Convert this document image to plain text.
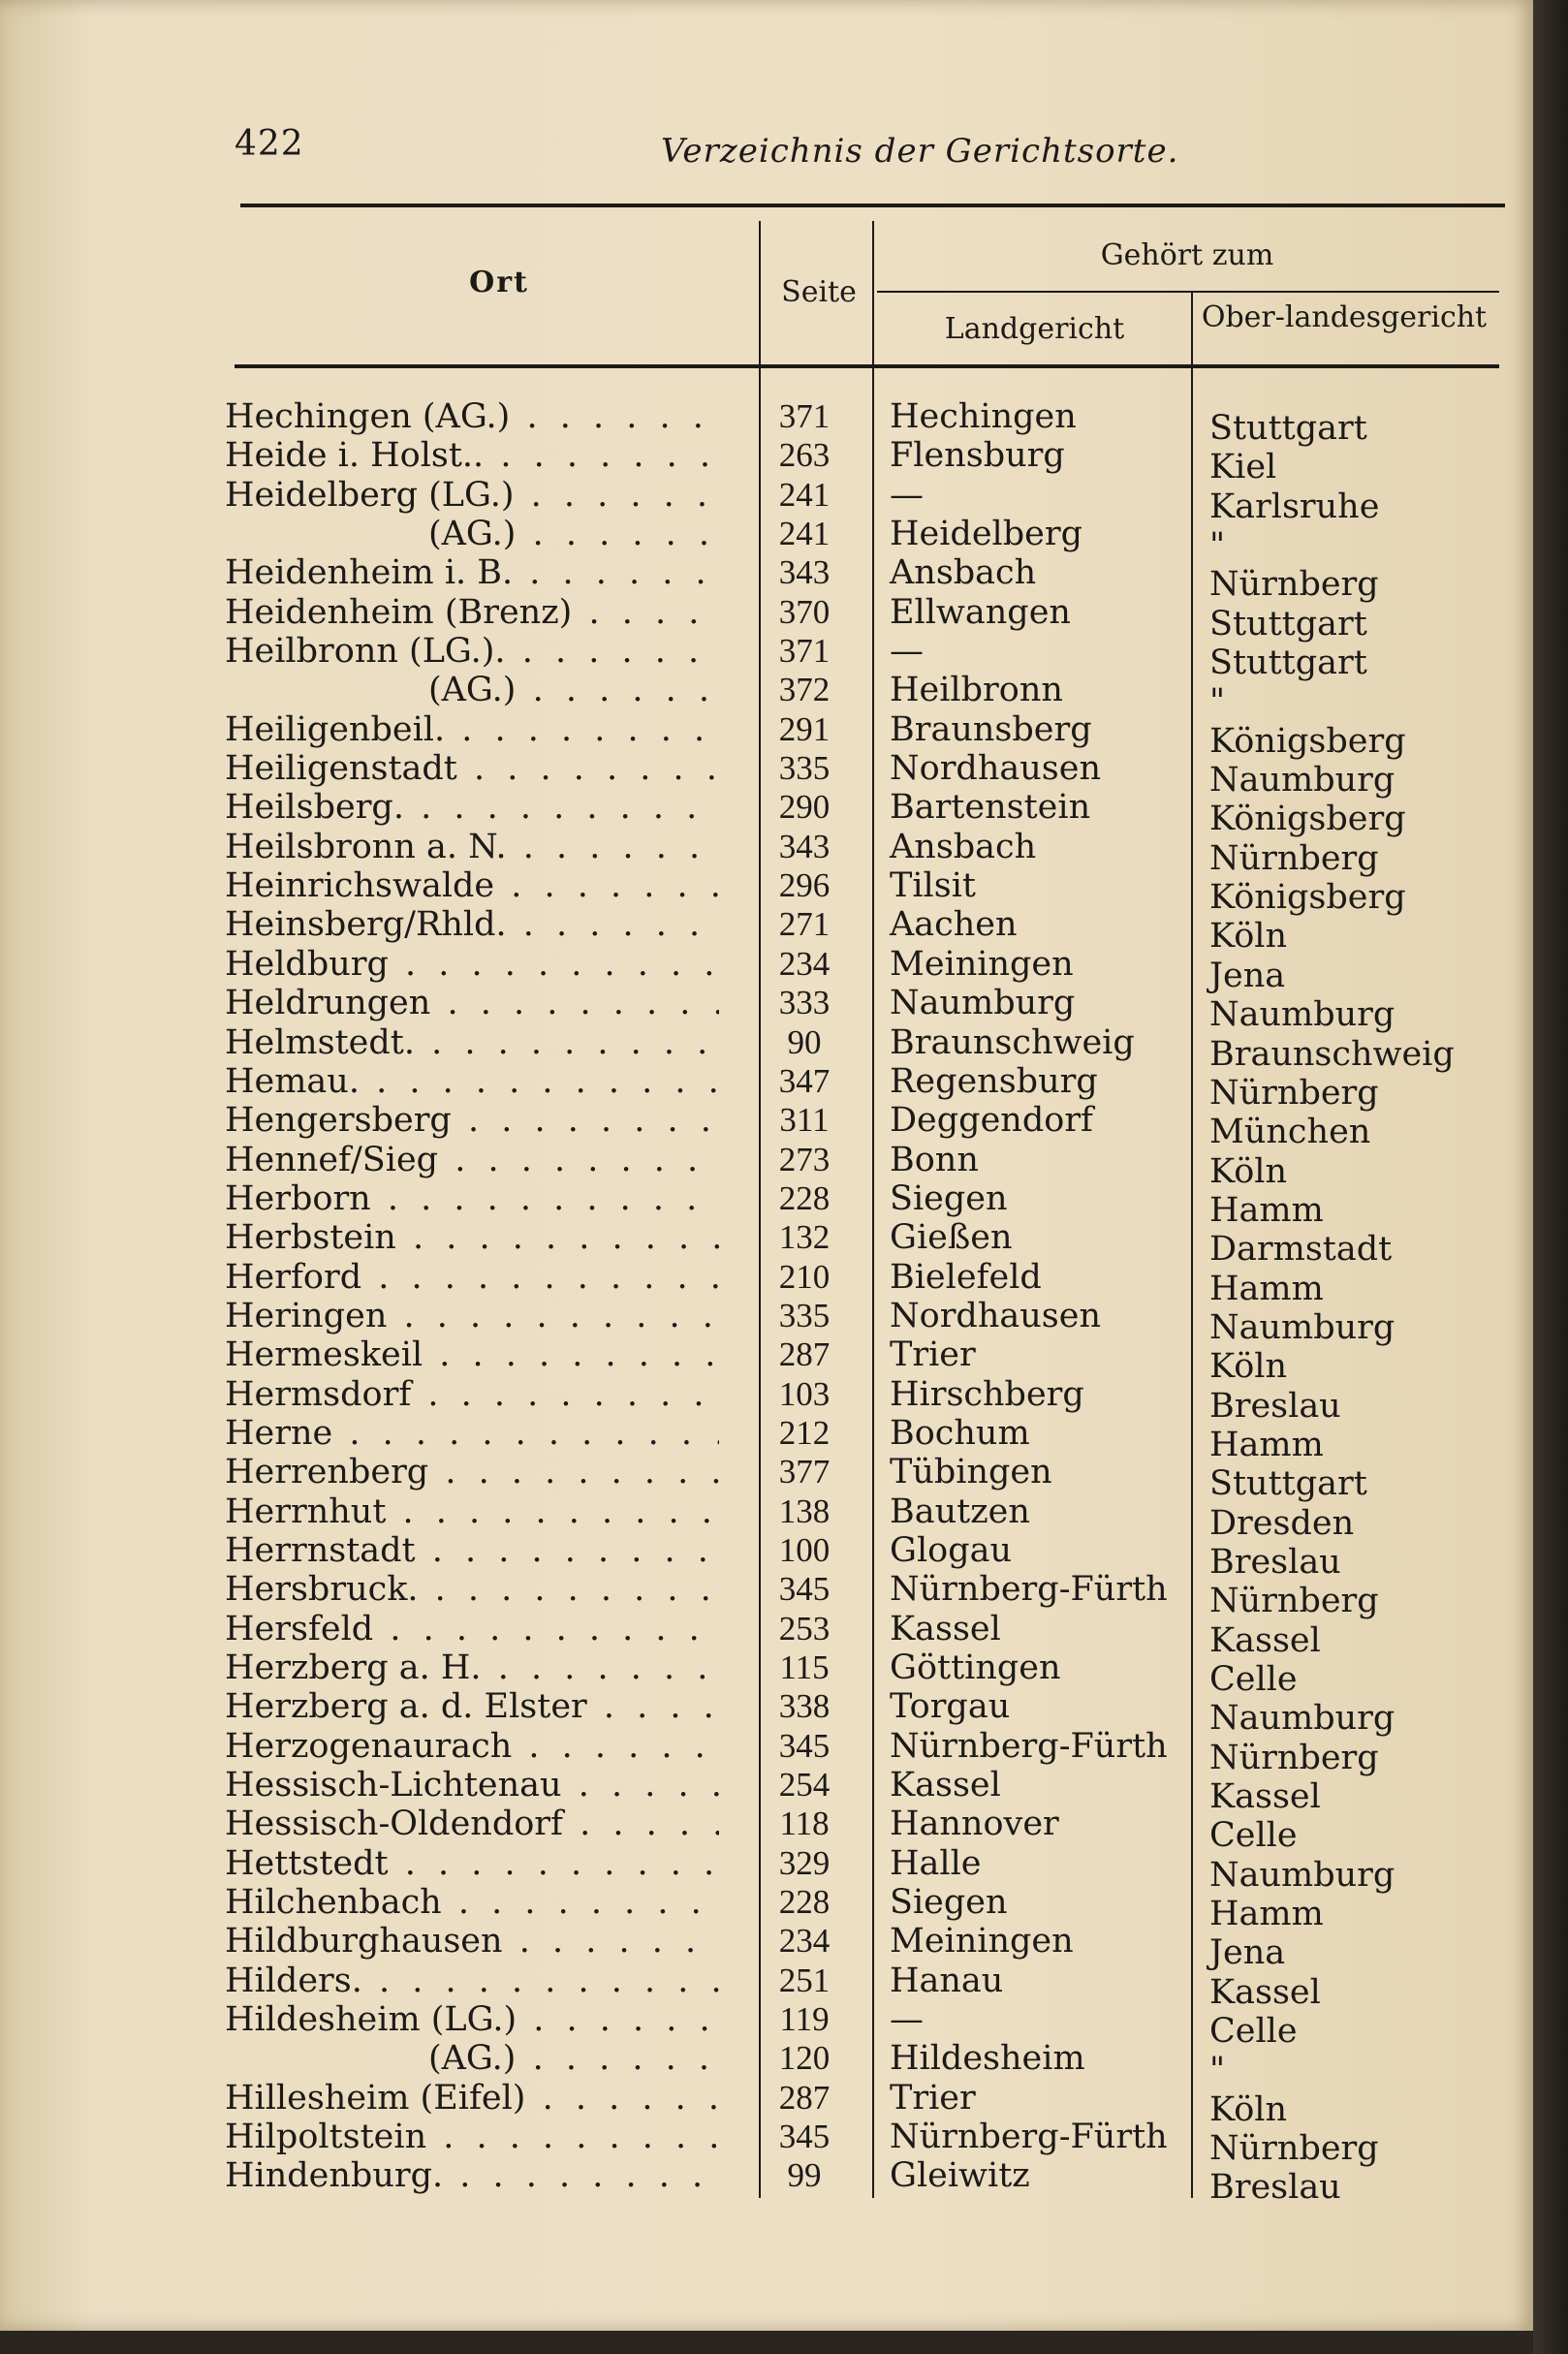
422	Verzeichnis der Gerichtsorte.
Ort	Seite
Gehört zum
Landgericht	Ober-landesgericht
Hechingen (AG.) . . .	371	Hechingen	Stuttgart
Heide i. Holst.. . . .	263	Flensburg	Kiel
Heidelberg (LG.) . . .	241	—	Karlsruhe
(AG.) . . .	241	Heidelberg	"
Heidenheim i. B. . . .	343	Ansbach	Nürnberg
Heidenheim (Brenz) . . .	370	Ellwangen	Stuttgart
Heilbronn (LG.). . . .	371	—	Stuttgart
(AG.) . . .	372	Heilbronn	"
Heiligenbeil. . . .	291	Braunsberg	Königsberg
Heiligenstadt . . .	335	Nordhausen	Naumburg
Heilsberg. . . .	290	Bartenstein	Königsberg
Heilsbronn a. N. . . .	343	Ansbach	Nürnberg
Heinrichswalde . . .	296	Tilsit	Königsberg
Heinsberg/Rhld. . . .	271	Aachen	Köln
Heldburg . . .	234	Meiningen	Jena
Heldrungen . . .	333	Naumburg	Naumburg
Helmstedt. . . .	90	Braunschweig	Braunschweig
Hemau. . . .	347	Regensburg	Nürnberg
Hengersberg . . .	311	Deggendorf	München
Hennef/Sieg . . .	273	Bonn	Köln
Herborn . . .	228	Siegen	Hamm
Herbstein . . .	132	Gießen	Darmstadt
Herford . . .	210	Bielefeld	Hamm
Heringen . . .	335	Nordhausen	Naumburg
Hermeskeil . . .	287	Trier	Köln
Hermsdorf . . .	103	Hirschberg	Breslau
Herne . . .	212	Bochum	Hamm
Herrenberg . . .	377	Tübingen	Stuttgart
Herrnhut . . .	138	Bautzen	Dresden
Herrnstadt . . .	100	Glogau	Breslau
Hersbruck. . . .	345	Nürnberg-Fürth	Nürnberg
Hersfeld . . .	253	Kassel	Kassel
Herzberg a. H. . . .	115	Göttingen	Celle
Herzberg a. d. Elster . . .	338	Torgau	Naumburg
Herzogenaurach . . .	345	Nürnberg-Fürth	Nürnberg
Hessisch-Lichtenau . . .	254	Kassel	Kassel
Hessisch-Oldendorf . . .	118	Hannover	Celle
Hettstedt . . .	329	Halle	Naumburg
Hilchenbach . . .	228	Siegen	Hamm
Hildburghausen . . .	234	Meiningen	Jena
Hilders. . . .	251	Hanau	Kassel
Hildesheim (LG.) . . .	119	—	Celle
(AG.) . . .	120	Hildesheim	"
Hillesheim (Eifel) . . .	287	Trier	Köln
Hilpoltstein . . .	345	Nürnberg-Fürth	Nürnberg
Hindenburg. . . .	99	Gleiwitz	Breslau
